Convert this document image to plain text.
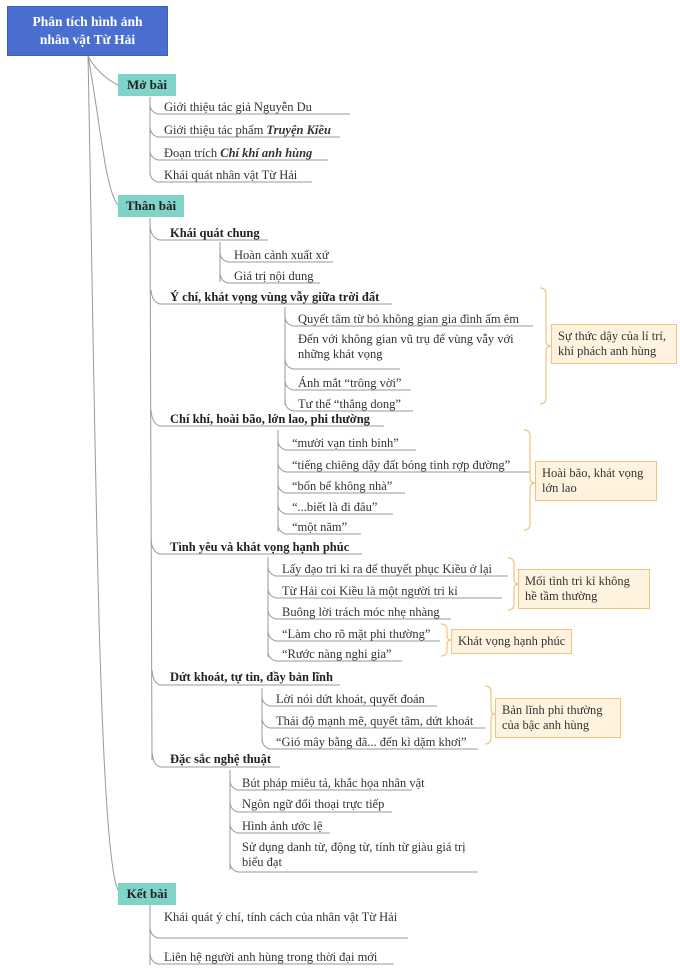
Phân tích hình ảnh
nhân vật Từ Hải
Mở bài
Giới thiệu tác giả Nguyễn Du
Giới thiệu tác phẩm Truyện Kiều
Đoạn trích Chí khí anh hùng
Khái quát nhân vật Từ Hải
Thân bài
Khái quát chung
Hoàn cảnh xuất xứ
Giá trị nội dung
Ý chí, khát vọng vùng vẫy giữa trời đất
Quyết tâm từ bỏ không gian gia đình ấm êm
Đến với không gian vũ trụ để vùng vẫy với những khát vọng
Ánh mắt “trông vời”
Tư thế “thẳng dong”
Sự thức dậy của lí trí, khí phách anh hùng
Chí khí, hoài bão, lớn lao, phi thường
“mười vạn tinh binh”
“tiếng chiêng dậy đất bóng tinh rợp đường”
“bốn bể không nhà”
“...biết là đi đâu”
“một năm”
Hoài bão, khát vọng lớn lao
Tình yêu và khát vọng hạnh phúc
Lấy đạo tri kỉ ra để thuyết phục Kiều ở lại
Từ Hải coi Kiều là một người tri kỉ
Buông lời trách móc nhẹ nhàng
“Làm cho rõ mặt phi thường”
“Rước nàng nghi gia”
Mối tình tri kỉ không hề tầm thường
Khát vọng hạnh phúc
Dứt khoát, tự tin, đầy bản lĩnh
Lời nói dứt khoát, quyết đoán
Thái độ mạnh mẽ, quyết tâm, dứt khoát
“Gió mây bằng đã... đến kì dặm khơi”
Bản lĩnh phi thường của bậc anh hùng
Đặc sắc nghệ thuật
Bút pháp miêu tả, khắc họa nhân vật
Ngôn ngữ đối thoại trực tiếp
Hình ảnh ước lệ
Sử dụng danh từ, động từ, tính từ giàu giá trị biểu đạt
Kết bài
Khái quát ý chí, tính cách của nhân vật Từ Hải
Liên hệ người anh hùng trong thời đại mới
